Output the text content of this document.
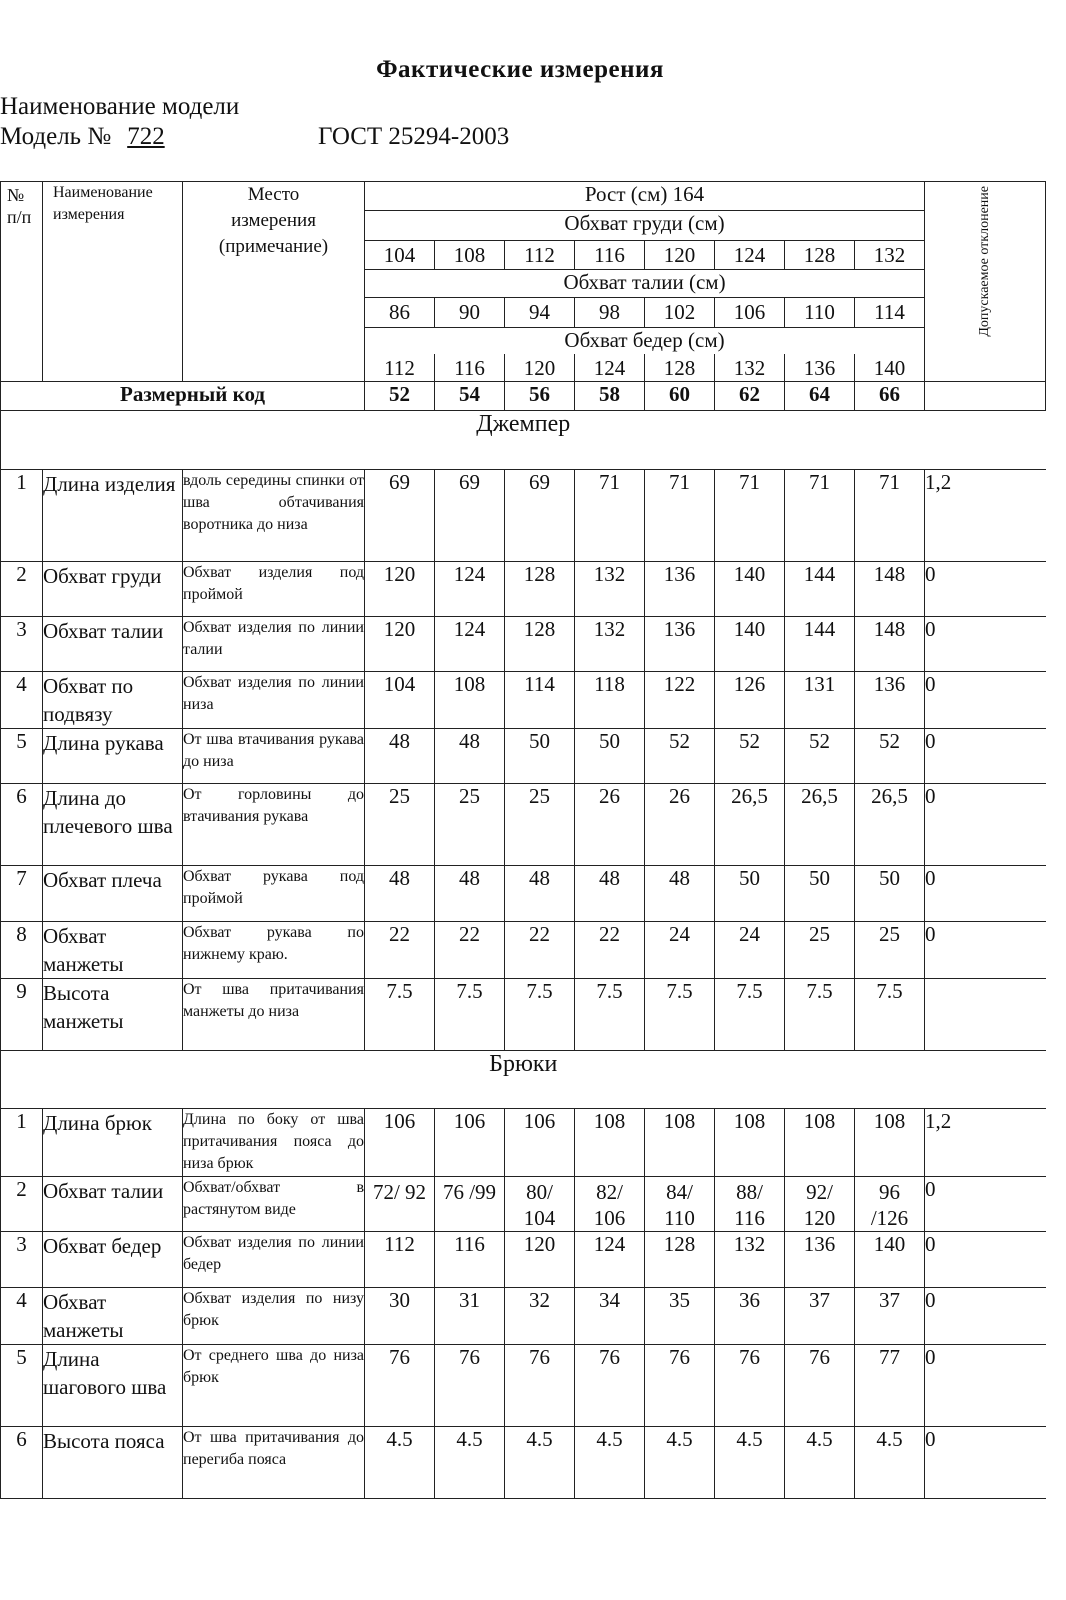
Фактические измерения
Наименование модели
Модель № 722	ГОСТ 25294-2003
№ п/п	Наименование измерения	Место измерения (примечание)	Рост (см) 164								Допускаемое отклонение

			Обхват груди (см)								
			104	108	112	116	120	124	128	132	
			Обхват талии (см)								
			86	90	94	98	102	106	110	114	
			Обхват бедер (см)								
			112	116	120	124	128	132	136	140	
Размерный код			52	54	56	58	60	62	64	66	
Джемпер											
1	Длина изделия	вдоль середины спинки от шва обтачивания воротника до низа	69	69	69	71	71	71	71	71	1,2
2	Обхват груди	Обхват изделия под проймой	120	124	128	132	136	140	144	148	0
3	Обхват талии	Обхват изделия по линии талии	120	124	128	132	136	140	144	148	0
4	Обхват по подвязу	Обхват изделия по линии низа	104	108	114	118	122	126	131	136	0
5	Длина рукава	От шва втачивания рукава до низа	48	48	50	50	52	52	52	52	0
6	Длина до плечевого шва	От горловины до втачивания рукава	25	25	25	26	26	26,5	26,5	26,5	0
7	Обхват плеча	Обхват рукава под проймой	48	48	48	48	48	50	50	50	0
8	Обхват манжеты	Обхват рукава по нижнему краю.	22	22	22	22	24	24	25	25	0
9	Высота манжеты	От шва притачивания манжеты до низа	7.5	7.5	7.5	7.5	7.5	7.5	7.5	7.5	
Брюки											
1	Длина брюк	Длина по боку от шва притачивания пояса до низа брюк	106	106	106	108	108	108	108	108	1,2
2	Обхват талии	Обхват/обхват в растянутом виде	72/ 92	76 /99	80/ 104	82/ 106	84/ 110	88/ 116	92/ 120	96 /126	0
3	Обхват бедер	Обхват изделия по линии бедер	112	116	120	124	128	132	136	140	0
4	Обхват манжеты	Обхват изделия по низу брюк	30	31	32	34	35	36	37	37	0
5	Длина шагового шва	От среднего шва до низа брюк	76	76	76	76	76	76	76	77	0
6	Высота пояса	От шва притачивания до перегиба пояса	4.5	4.5	4.5	4.5	4.5	4.5	4.5	4.5	0
